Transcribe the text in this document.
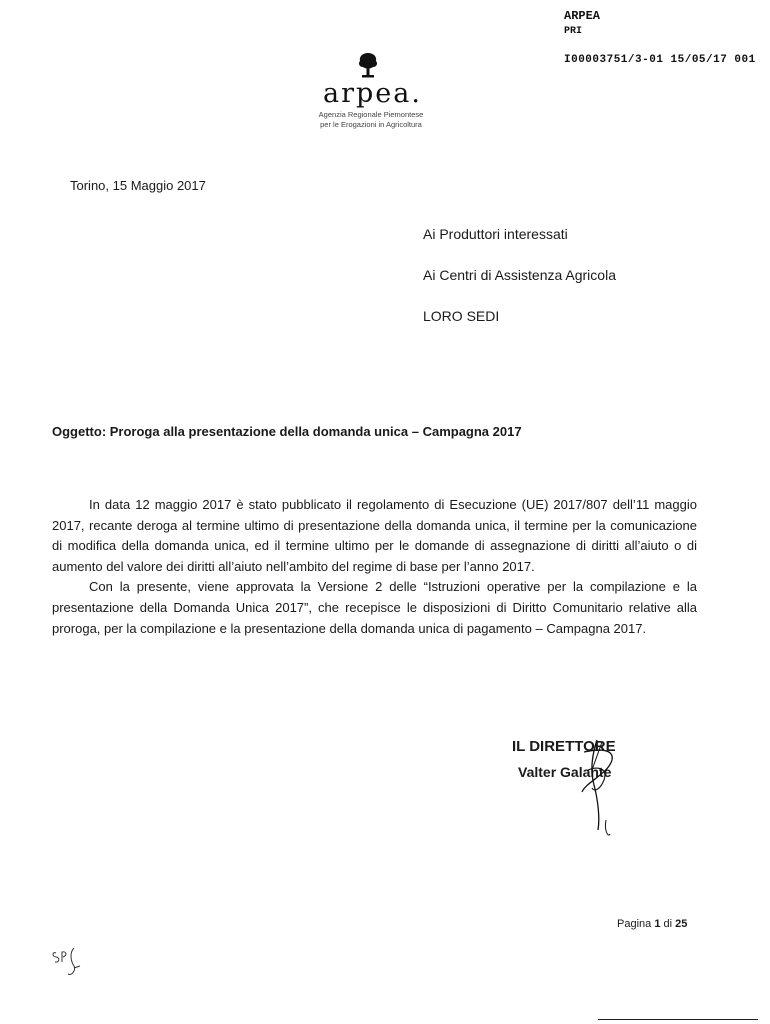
ARPEA
PRI
I00003751/3-01 15/05/17 001
arpea.
Agenzia Regionale Piemontese
per le Erogazioni in Agricoltura
Torino, 15 Maggio 2017
Ai Produttori interessati
Ai Centri di Assistenza Agricola
LORO SEDI
Oggetto: Proroga alla presentazione della domanda unica – Campagna 2017

In data 12 maggio 2017 è stato pubblicato il regolamento di Esecuzione (UE) 2017/807 dell’11 maggio 2017, recante deroga al termine ultimo di presentazione della domanda unica, il termine per la comunicazione di modifica della domanda unica, ed il termine ultimo per le domande di assegnazione di diritti all’aiuto o di aumento del valore dei diritti all’aiuto nell’ambito del regime di base per l’anno 2017.

Con la presente, viene approvata la Versione 2 delle “Istruzioni operative per la compilazione e la presentazione della Domanda Unica 2017”, che recepisce le disposizioni di Diritto Comunitario relative alla proroga, per la compilazione e la presentazione della domanda unica di pagamento – Campagna 2017.

IL DIRETTORE
Valter Galante
Pagina 1 di 25
